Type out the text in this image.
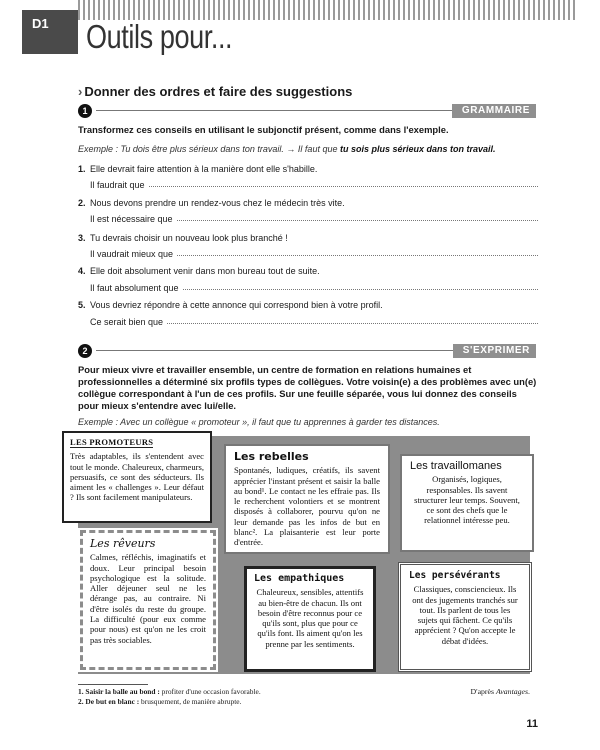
D1	Outils pour...
› Donner des ordres et faire des suggestions
1	GRAMMAIRE
Transformez ces conseils en utilisant le subjonctif présent, comme dans l'exemple.
Exemple : Tu dois être plus sérieux dans ton travail. → Il faut que tu sois plus sérieux dans ton travail.
1. Elle devrait faire attention à la manière dont elle s'habille.
Il faudrait que
2. Nous devons prendre un rendez-vous chez le médecin très vite.
Il est nécessaire que
3. Tu devrais choisir un nouveau look plus branché !
Il vaudrait mieux que
4. Elle doit absolument venir dans mon bureau tout de suite.
Il faut absolument que
5. Vous devriez répondre à cette annonce qui correspond bien à votre profil.
Ce serait bien que
2	S'EXPRIMER
Pour mieux vivre et travailler ensemble, un centre de formation en relations humaines et professionnelles a déterminé six profils types de collègues. Votre voisin(e) a des problèmes avec un(e) collègue correspondant à l'un de ces profils. Sur une feuille séparée, vous lui donnez des conseils pour mieux s'entendre avec lui/elle.
Exemple : Avec un collègue « promoteur », il faut que tu apprennes à garder tes distances.
LES PROMOTEURS
Très adaptables, ils s'entendent avec tout le monde. Chaleureux, charmeurs, persuasifs, ce sont des séducteurs. Ils aiment les « challenges ». Leur défaut ? Ils sont facilement manipulateurs.
Les rebelles
Spontanés, ludiques, créatifs, ils savent apprécier l'instant présent et saisir la balle au bond¹. Le contact ne les effraie pas. Ils le recherchent volontiers et se montrent disposés à collaborer, pourvu qu'on ne leur demande pas les infos de but en blanc². La plaisanterie est leur porte d'entrée.
Les travaillomanes
Organisés, logiques, responsables. Ils savent structurer leur temps. Souvent, ce sont des chefs que le relationnel intéresse peu.
Les rêveurs
Calmes, réfléchis, imaginatifs et doux. Leur principal besoin psychologique est la solitude. Aller déjeuner seul ne les dérange pas, au contraire. Ni d'être isolés du reste du groupe. La difficulté (pour eux comme pour nous) est qu'on ne les croit pas très sociables.
Les empathiques
Chaleureux, sensibles, attentifs au bien-être de chacun. Ils ont besoin d'être reconnus pour ce qu'ils sont, plus que pour ce qu'ils font. Ils aiment qu'on les prenne par les sentiments.
Les persévérants
Classiques, consciencieux. Ils ont des jugements tranchés sur tout. Ils parlent de tous les sujets qui fâchent. Ce qu'ils apprécient ? Qu'on accepte le débat d'idées.
1. Saisir la balle au bond : profiter d'une occasion favorable.
2. De but en blanc : brusquement, de manière abrupte.
D'après Avantages.
11
